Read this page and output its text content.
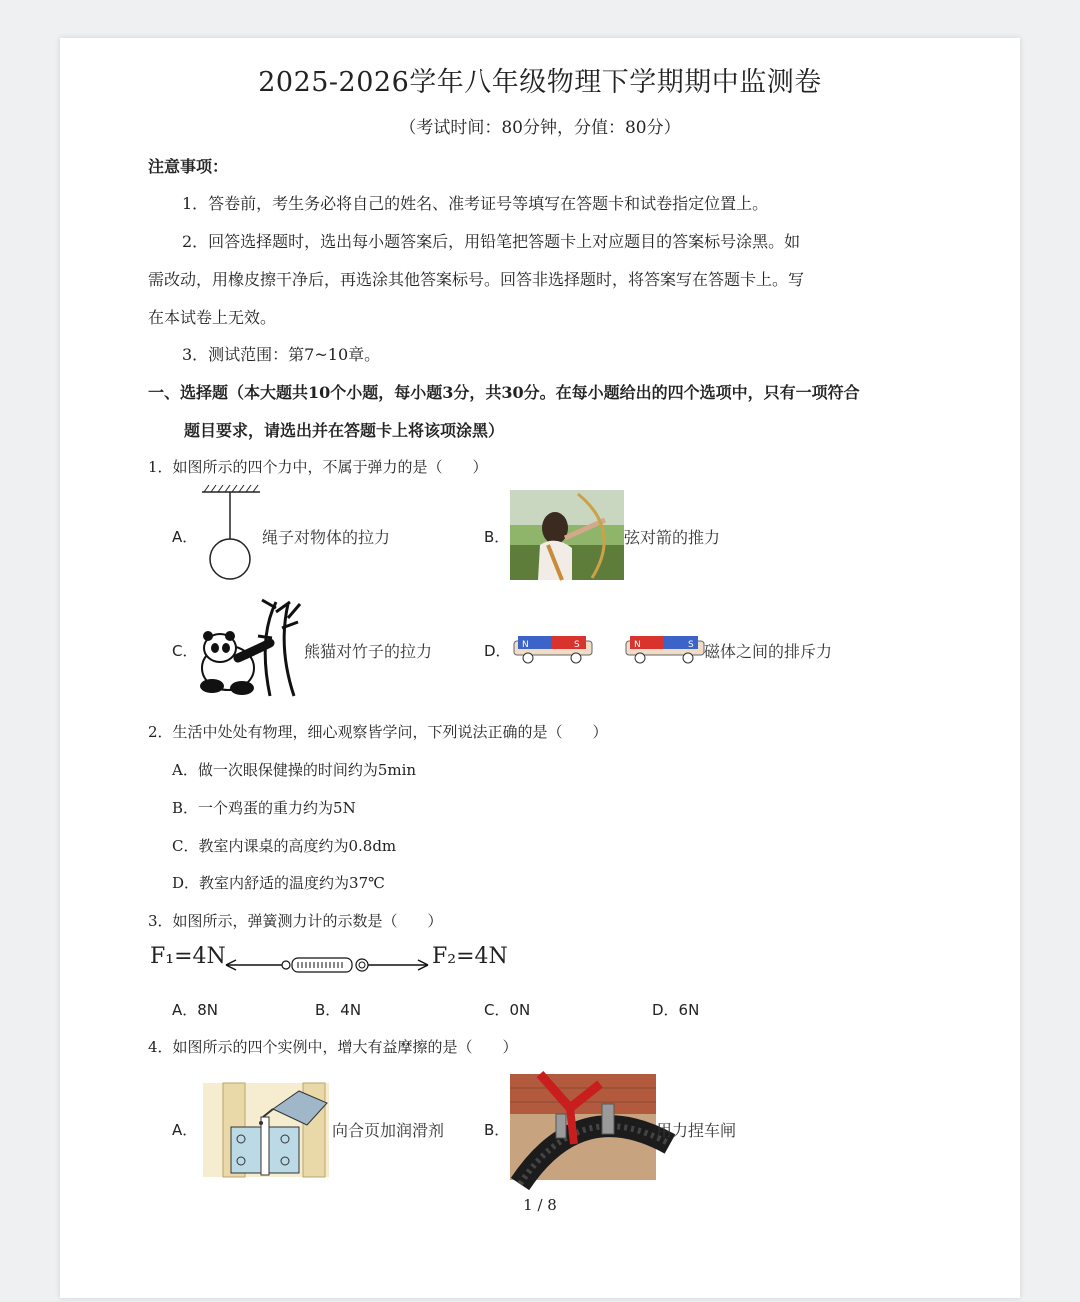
2025-2026学年八年级物理下学期期中监测卷
（考试时间：80分钟，分值：80分）
注意事项：
1．答卷前，考生务必将自己的姓名、准考证号等填写在答题卡和试卷指定位置上。
2．回答选择题时，选出每小题答案后，用铅笔把答题卡上对应题目的答案标号涂黑。如
需改动，用橡皮擦干净后，再选涂其他答案标号。回答非选择题时，将答案写在答题卡上。写
在本试卷上无效。
3．测试范围：第7~10章。
一、选择题（本大题共10个小题，每小题3分，共30分。在每小题给出的四个选项中，只有一项符合
题目要求，请选出并在答题卡上将该项涂黑）
1．如图所示的四个力中，不属于弹力的是（　　）
A．	绳子对物体的拉力	B．	弦对箭的推力
C．	熊猫对竹子的拉力	D． N	S	N	S 磁体之间的排斥力
2．生活中处处有物理，细心观察皆学问，下列说法正确的是（　　）
A．做一次眼保健操的时间约为5min
B．一个鸡蛋的重力约为5N
C．教室内课桌的高度约为0.8dm
D．教室内舒适的温度约为37℃
3．如图所示，弹簧测力计的示数是（　　）
F₁=4N	F₂=4N
A．8N	B．4N	C．0N	D．6N
4．如图所示的四个实例中，增大有益摩擦的是（　　）
A．	向合页加润滑剂	B．	用力捏车闸
1 / 8
